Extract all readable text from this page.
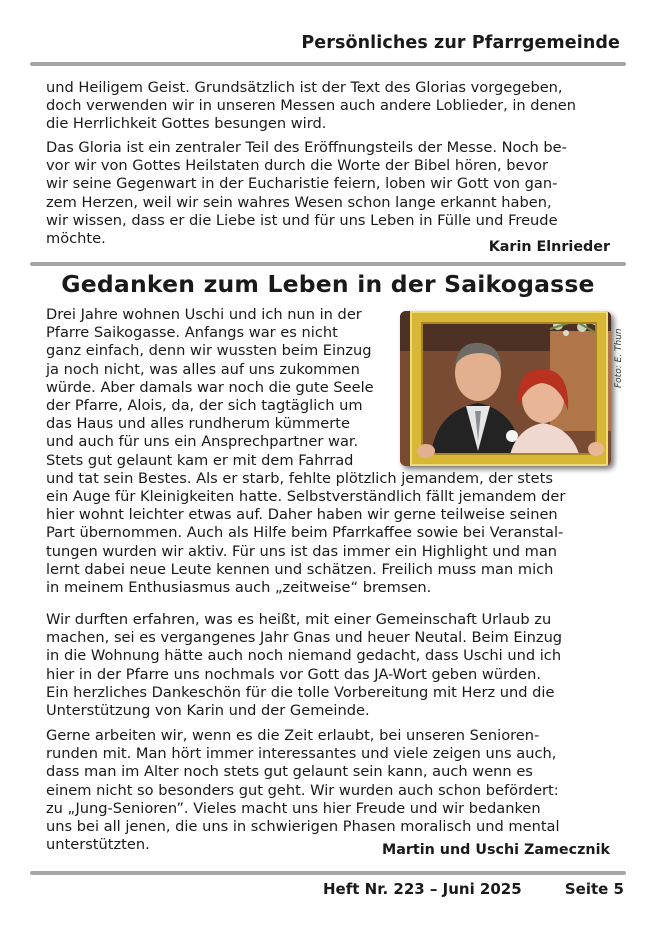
Persönliches zur Pfarrgemeinde
und Heiligem Geist. Grundsätzlich ist der Text des Glorias vorgegeben,
doch verwenden wir in unseren Messen auch andere Loblieder, in denen
die Herrlichkeit Gottes besungen wird.
Das Gloria ist ein zentraler Teil des Eröffnungsteils der Messe. Noch be-
vor wir von Gottes Heilstaten durch die Worte der Bibel hören, bevor
wir seine Gegenwart in der Eucharistie feiern, loben wir Gott von gan-
zem Herzen, weil wir sein wahres Wesen schon lange erkannt haben,
wir wissen, dass er die Liebe ist und für uns Leben in Fülle und Freude
möchte.	Karin Elnrieder
Gedanken zum Leben in der Saikogasse
Foto: E. Thun
Drei Jahre wohnen Uschi und ich nun in der
Pfarre Saikogasse. Anfangs war es nicht
ganz einfach, denn wir wussten beim Einzug
ja noch nicht, was alles auf uns zukommen
würde. Aber damals war noch die gute Seele
der Pfarre, Alois, da, der sich tagtäglich um
das Haus und alles rundherum kümmerte
und auch für uns ein Ansprechpartner war.
Stets gut gelaunt kam er mit dem Fahrrad
und tat sein Bestes. Als er starb, fehlte plötzlich jemandem, der stets
ein Auge für Kleinigkeiten hatte. Selbstverständlich fällt jemandem der
hier wohnt leichter etwas auf. Daher haben wir gerne teilweise seinen
Part übernommen. Auch als Hilfe beim Pfarrkaffee sowie bei Veranstal-
tungen wurden wir aktiv. Für uns ist das immer ein Highlight und man
lernt dabei neue Leute kennen und schätzen. Freilich muss man mich
in meinem Enthusiasmus auch „zeitweise“ bremsen.
Wir durften erfahren, was es heißt, mit einer Gemeinschaft Urlaub zu
machen, sei es vergangenes Jahr Gnas und heuer Neutal. Beim Einzug
in die Wohnung hätte auch noch niemand gedacht, dass Uschi und ich
hier in der Pfarre uns nochmals vor Gott das JA-Wort geben würden.
Ein herzliches Dankeschön für die tolle Vorbereitung mit Herz und die
Unterstützung von Karin und der Gemeinde.
Gerne arbeiten wir, wenn es die Zeit erlaubt, bei unseren Senioren-
runden mit. Man hört immer interessantes und viele zeigen uns auch,
dass man im Alter noch stets gut gelaunt sein kann, auch wenn es
einem nicht so besonders gut geht. Wir wurden auch schon befördert:
zu „Jung-Senioren”. Vieles macht uns hier Freude und wir bedanken
uns bei all jenen, die uns in schwierigen Phasen moralisch und mental
unterstützten.	Martin und Uschi Zamecznik
Heft Nr. 223 – Juni 2025	Seite 5
